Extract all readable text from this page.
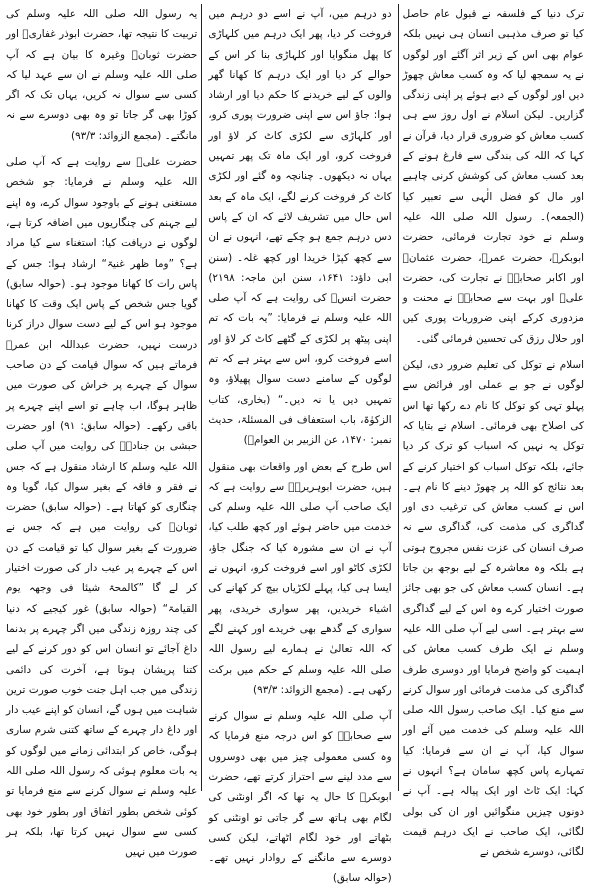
ترک دنیا کے فلسفہ نے قبول عام حاصل کیا تو صرف مذہبی انسان ہی نہیں بلکہ عوام بھی اس کے زیر اثر آگئے اور لوگوں نے یہ سمجھ لیا کہ وہ کسب معاش چھوڑ دیں اور لوگوں کے دیے ہوئے پر اپنی زندگی گزاریں۔ لیکن اسلام نے اول روز سے ہی کسب معاش کو ضروری قرار دیا، قرآن نے کہا کہ اللہ کی بندگی سے فارغ ہونے کے بعد کسب معاش کی کوشش کرنی چاہیے اور مال کو فضل الٰہی سے تعبیر کیا (الجمعہ)۔ رسول اللہ صلی اللہ علیہ وسلم نے خود تجارت فرمائی، حضرت ابوبکرؓ، حضرت عمرؓ، حضرت عثمانؓ اور اکابر صحابہؓ نے تجارت کی، حضرت علیؓ اور بہت سے صحابہؓ نے محنت و مزدوری کرکے اپنی ضروریات پوری کیں اور حلال رزق کی تحسین فرمائی گئی۔

اسلام نے توکل کی تعلیم ضرور دی، لیکن لوگوں نے جو بے عملی اور فرائض سے پہلو تہی کو توکل کا نام دے رکھا تھا اس کی اصلاح بھی فرمائی۔ اسلام نے بتایا کہ توکل یہ نہیں کہ اسباب کو ترک کر دیا جائے، بلکہ توکل اسباب کو اختیار کرنے کے بعد نتائج کو اللہ پر چھوڑ دینے کا نام ہے۔ اس نے کسب معاش کی ترغیب دی اور گداگری کی مذمت کی، گداگری سے نہ صرف انسان کی عزت نفس مجروح ہوتی ہے بلکہ وہ معاشرہ کے لیے بوجھ بن جاتا ہے۔ انسان کسب معاش کی جو بھی جائز صورت اختیار کرے وہ اس کے لیے گداگری سے بہتر ہے۔ اسی لیے آپ صلی اللہ علیہ وسلم نے ایک طرف کسب معاش کی اہمیت کو واضح فرمایا اور دوسری طرف گداگری کی مذمت فرمائی اور سوال کرنے سے منع کیا۔ ایک صاحب رسول اللہ صلی اللہ علیہ وسلم کی خدمت میں آئے اور سوال کیا، آپ نے ان سے فرمایا: کیا تمہارے پاس کچھ سامان ہے؟ انہوں نے کہا: ایک ٹاٹ اور ایک پیالہ ہے۔ آپ نے دونوں چیزیں منگوائیں اور ان کی بولی لگائی، ایک صاحب نے ایک درہم قیمت لگائی، دوسرے شخص نے

دو درہم میں، آپ نے اسے دو درہم میں فروخت کر دیا، پھر ایک درہم میں کلہاڑی کا پھل منگوایا اور کلہاڑی بنا کر اس کے حوالے کر دیا اور ایک درہم کا کھانا گھر والوں کے لیے خریدنے کا حکم دیا اور ارشاد ہوا: جاؤ اس سے اپنی ضرورت پوری کرو، اور کلہاڑی سے لکڑی کاٹ کر لاؤ اور فروخت کرو، اور ایک ماہ تک پھر تمہیں یہاں نہ دیکھوں۔ چنانچہ وہ گئے اور لکڑی کاٹ کر فروخت کرنے لگے، ایک ماہ کے بعد اس حال میں تشریف لائے کہ ان کے پاس دس درہم جمع ہو چکے تھے، انہوں نے ان سے کچھ کپڑا خریدا اور کچھ غلہ۔ (سنن ابی داؤد: ۱۶۴۱، سنن ابن ماجہ: ۲۱۹۸) حضرت انسؓ کی روایت ہے کہ آپ صلی اللہ علیہ وسلم نے فرمایا: ”یہ بات کہ تم اپنی پیٹھ پر لکڑی کے گٹھے کاٹ کر لاؤ اور اسے فروخت کرو، اس سے بہتر ہے کہ تم لوگوں کے سامنے دست سوال پھیلاؤ، وہ تمہیں دیں یا نہ دیں۔“ (بخاری، کتاب الزکوٰۃ، باب استعفاف فی المسئلۃ، حدیث نمبر: ۱۴۷۰، عن الزبیر بن العوامؓ)

اس طرح کے بعض اور واقعات بھی منقول ہیں، حضرت ابوہریرہؓ سے روایت ہے کہ ایک صاحب آپ صلی اللہ علیہ وسلم کی خدمت میں حاضر ہوئے اور کچھ طلب کیا، آپ نے ان سے مشورہ کیا کہ جنگل جاؤ، لکڑی کاٹو اور اسے فروخت کرو، انہوں نے ایسا ہی کیا، پہلے لکڑیاں بیچ کر کھانے کی اشیاء خریدیں، پھر سواری خریدی، پھر سواری کے گدھے بھی خریدے اور کہنے لگے کہ اللہ تعالیٰ نے ہمارے لیے رسول اللہ صلی اللہ علیہ وسلم کے حکم میں برکت رکھی ہے۔ (مجمع الزوائد: ۹۳/۳)

آپ صلی اللہ علیہ وسلم نے سوال کرنے سے صحابہؓ کو اس درجہ منع فرمایا کہ وہ کسی معمولی چیز میں بھی دوسروں سے مدد لینے سے احتراز کرتے تھے، حضرت ابوبکرؓ کا حال یہ تھا کہ اگر اونٹنی کی لگام بھی ہاتھ سے گر جاتی تو اونٹنی کو بٹھاتے اور خود لگام اٹھاتے، لیکن کسی دوسرے سے مانگنے کے روادار نہیں تھے۔ (حوالہ سابق)

یہ رسول اللہ صلی اللہ علیہ وسلم کی تربیت کا نتیجہ تھا، حضرت ابوذر غفاریؓ اور حضرت ثوبانؓ وغیرہ کا بیان ہے کہ آپ صلی اللہ علیہ وسلم نے ان سے عہد لیا کہ کسی سے سوال نہ کریں، یہاں تک کہ اگر کوڑا بھی گر جاتا تو وہ بھی دوسرے سے نہ مانگتے۔ (مجمع الزوائد: ۹۳/۳)

حضرت علیؓ سے روایت ہے کہ آپ صلی اللہ علیہ وسلم نے فرمایا: جو شخص مستغنی ہونے کے باوجود سوال کرے، وہ اپنے لیے جہنم کی چنگاریوں میں اضافہ کرتا ہے، لوگوں نے دریافت کیا: استغناء سے کیا مراد ہے؟ ”وما ظھر غنیۃ“ ارشاد ہوا: جس کے پاس رات کا کھانا موجود ہو۔ (حوالہ سابق) گویا جس شخص کے پاس ایک وقت کا کھانا موجود ہو اس کے لیے دست سوال دراز کرنا درست نہیں، حضرت عبداللہ ابن عمرؓ فرماتے ہیں کہ سوال قیامت کے دن صاحب سوال کے چہرے پر خراش کی صورت میں ظاہر ہوگا، اب چاہے تو اسے اپنے چہرے پر باقی رکھے۔ (حوالہ سابق: ۹۱) اور حضرت حبشی بن جنادہؓ کی روایت میں آپ صلی اللہ علیہ وسلم کا ارشاد منقول ہے کہ جس نے فقر و فاقہ کے بغیر سوال کیا، گویا وہ چنگاری کو کھاتا ہے۔ (حوالہ سابق) حضرت ثوبانؓ کی روایت میں ہے کہ جس نے ضرورت کے بغیر سوال کیا تو قیامت کے دن اس کے چہرے پر عیب دار کی صورت اختیار کر لے گا ”کالمحۃ شیئا فی وجھہ یوم القیامۃ“ (حوالہ سابق) غور کیجیے کہ دنیا کی چند روزہ زندگی میں اگر چہرے پر بدنما داغ آجائے تو انسان اس کو دور کرنے کے لیے کتنا پریشان ہوتا ہے، آخرت کی دائمی زندگی میں جب اہل جنت خوب صورت ترین شباہت میں ہوں گے، انسان کو اپنے عیب دار اور داغ دار چہرے کے ساتھ کتنی شرم ساری ہوگی، خاص کر ابتدائی زمانے میں لوگوں کو یہ بات معلوم ہوئی کہ رسول اللہ صلی اللہ علیہ وسلم نے سوال کرنے سے منع فرمایا تو کوئی شخص بطور اتفاق اور بطور خود بھی کسی سے سوال نہیں کرتا تھا، بلکہ ہر صورت میں نہیں
